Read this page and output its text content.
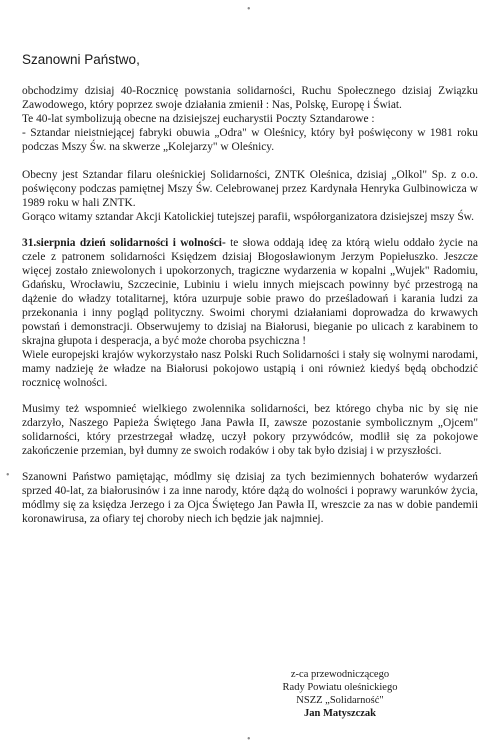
•
•
•
Szanowni Państwo,

obchodzimy dzisiaj 40-Rocznicę powstania solidarności, Ruchu Społecznego dzisiaj Związku Zawodowego, który poprzez swoje działania zmienił : Nas, Polskę, Europę i Świat.

Te 40-lat symbolizują obecne na dzisiejszej eucharystii Poczty Sztandarowe :

- Sztandar nieistniejącej fabryki obuwia „Odra" w Oleśnicy, który był poświęcony w 1981 roku podczas Mszy Św. na skwerze „Kolejarzy" w Oleśnicy.

Obecny jest Sztandar filaru oleśnickiej Solidarności, ZNTK Oleśnica, dzisiaj „Olkol" Sp. z o.o. poświęcony podczas pamiętnej Mszy Św. Celebrowanej przez Kardynała Henryka Gulbinowicza w 1989 roku w hali ZNTK.

Gorąco witamy sztandar Akcji Katolickiej tutejszej parafii, współorganizatora dzisiejszej mszy Św.

31.sierpnia dzień solidarności i wolności- te słowa oddają ideę za którą wielu oddało życie na czele z patronem solidarności Księdzem dzisiaj Błogosławionym Jerzym Popiełuszko. Jeszcze więcej zostało zniewolonych i upokorzonych, tragiczne wydarzenia w kopalni „Wujek" Radomiu, Gdańsku, Wrocławiu, Szczecinie, Lubiniu i wielu innych miejscach powinny być przestrogą na dążenie do władzy totalitarnej, która uzurpuje sobie prawo do prześladowań i karania ludzi za przekonania i inny pogląd polityczny. Swoimi chorymi działaniami doprowadza do krwawych powstań i demonstracji. Obserwujemy to dzisiaj na Białorusi, bieganie po ulicach z karabinem to skrajna głupota i desperacja, a być może choroba psychiczna !

Wiele europejski krajów wykorzystało nasz Polski Ruch Solidarności i stały się wolnymi narodami, mamy nadzieję że władze na Białorusi pokojowo ustąpią i oni również kiedyś będą obchodzić rocznicę wolności.

Musimy też wspomnieć wielkiego zwolennika solidarności, bez którego chyba nic by się nie zdarzyło, Naszego Papieża Świętego Jana Pawła II, zawsze pozostanie symbolicznym „Ojcem" solidarności, który przestrzegał władzę, uczył pokory przywódców, modlił się za pokojowe zakończenie przemian, był dumny ze swoich rodaków i oby tak było dzisiaj i w przyszłości.

Szanowni Państwo pamiętając, módlmy się dzisiaj za tych bezimiennych bohaterów wydarzeń sprzed 40-lat, za białorusinów i za inne narody, które dążą do wolności i poprawy warunków życia, módlmy się za księdza Jerzego i za Ojca Świętego Jan Pawła II, wreszcie za nas w dobie pandemii koronawirusa, za ofiary tej choroby niech ich będzie jak najmniej.

z-ca przewodniczącego
Rady Powiatu oleśnickiego
NSZZ „Solidarność"
Jan Matyszczak
